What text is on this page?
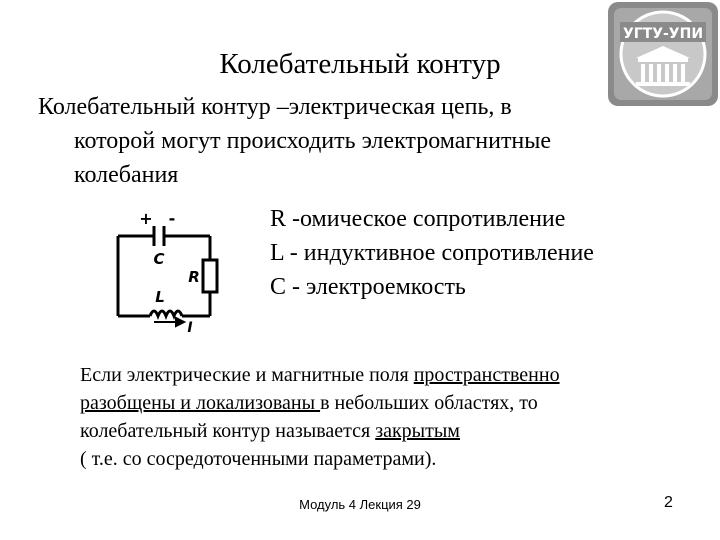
УГТУ-УПИ
Колебательный контур
Колебательный контур –электрическая цепь, в
которой могут происходить электромагнитные
колебания
+ -
C
R
L
I
R -омическое сопротивление
L - индуктивное сопротивление
C - электроемкость
Если электрические и магнитные поля пространственно
разобщены и локализованы в небольших областях, то
колебательный контур называется закрытым
( т.е. со сосредоточенными параметрами).
Модуль 4 Лекция 29	2
